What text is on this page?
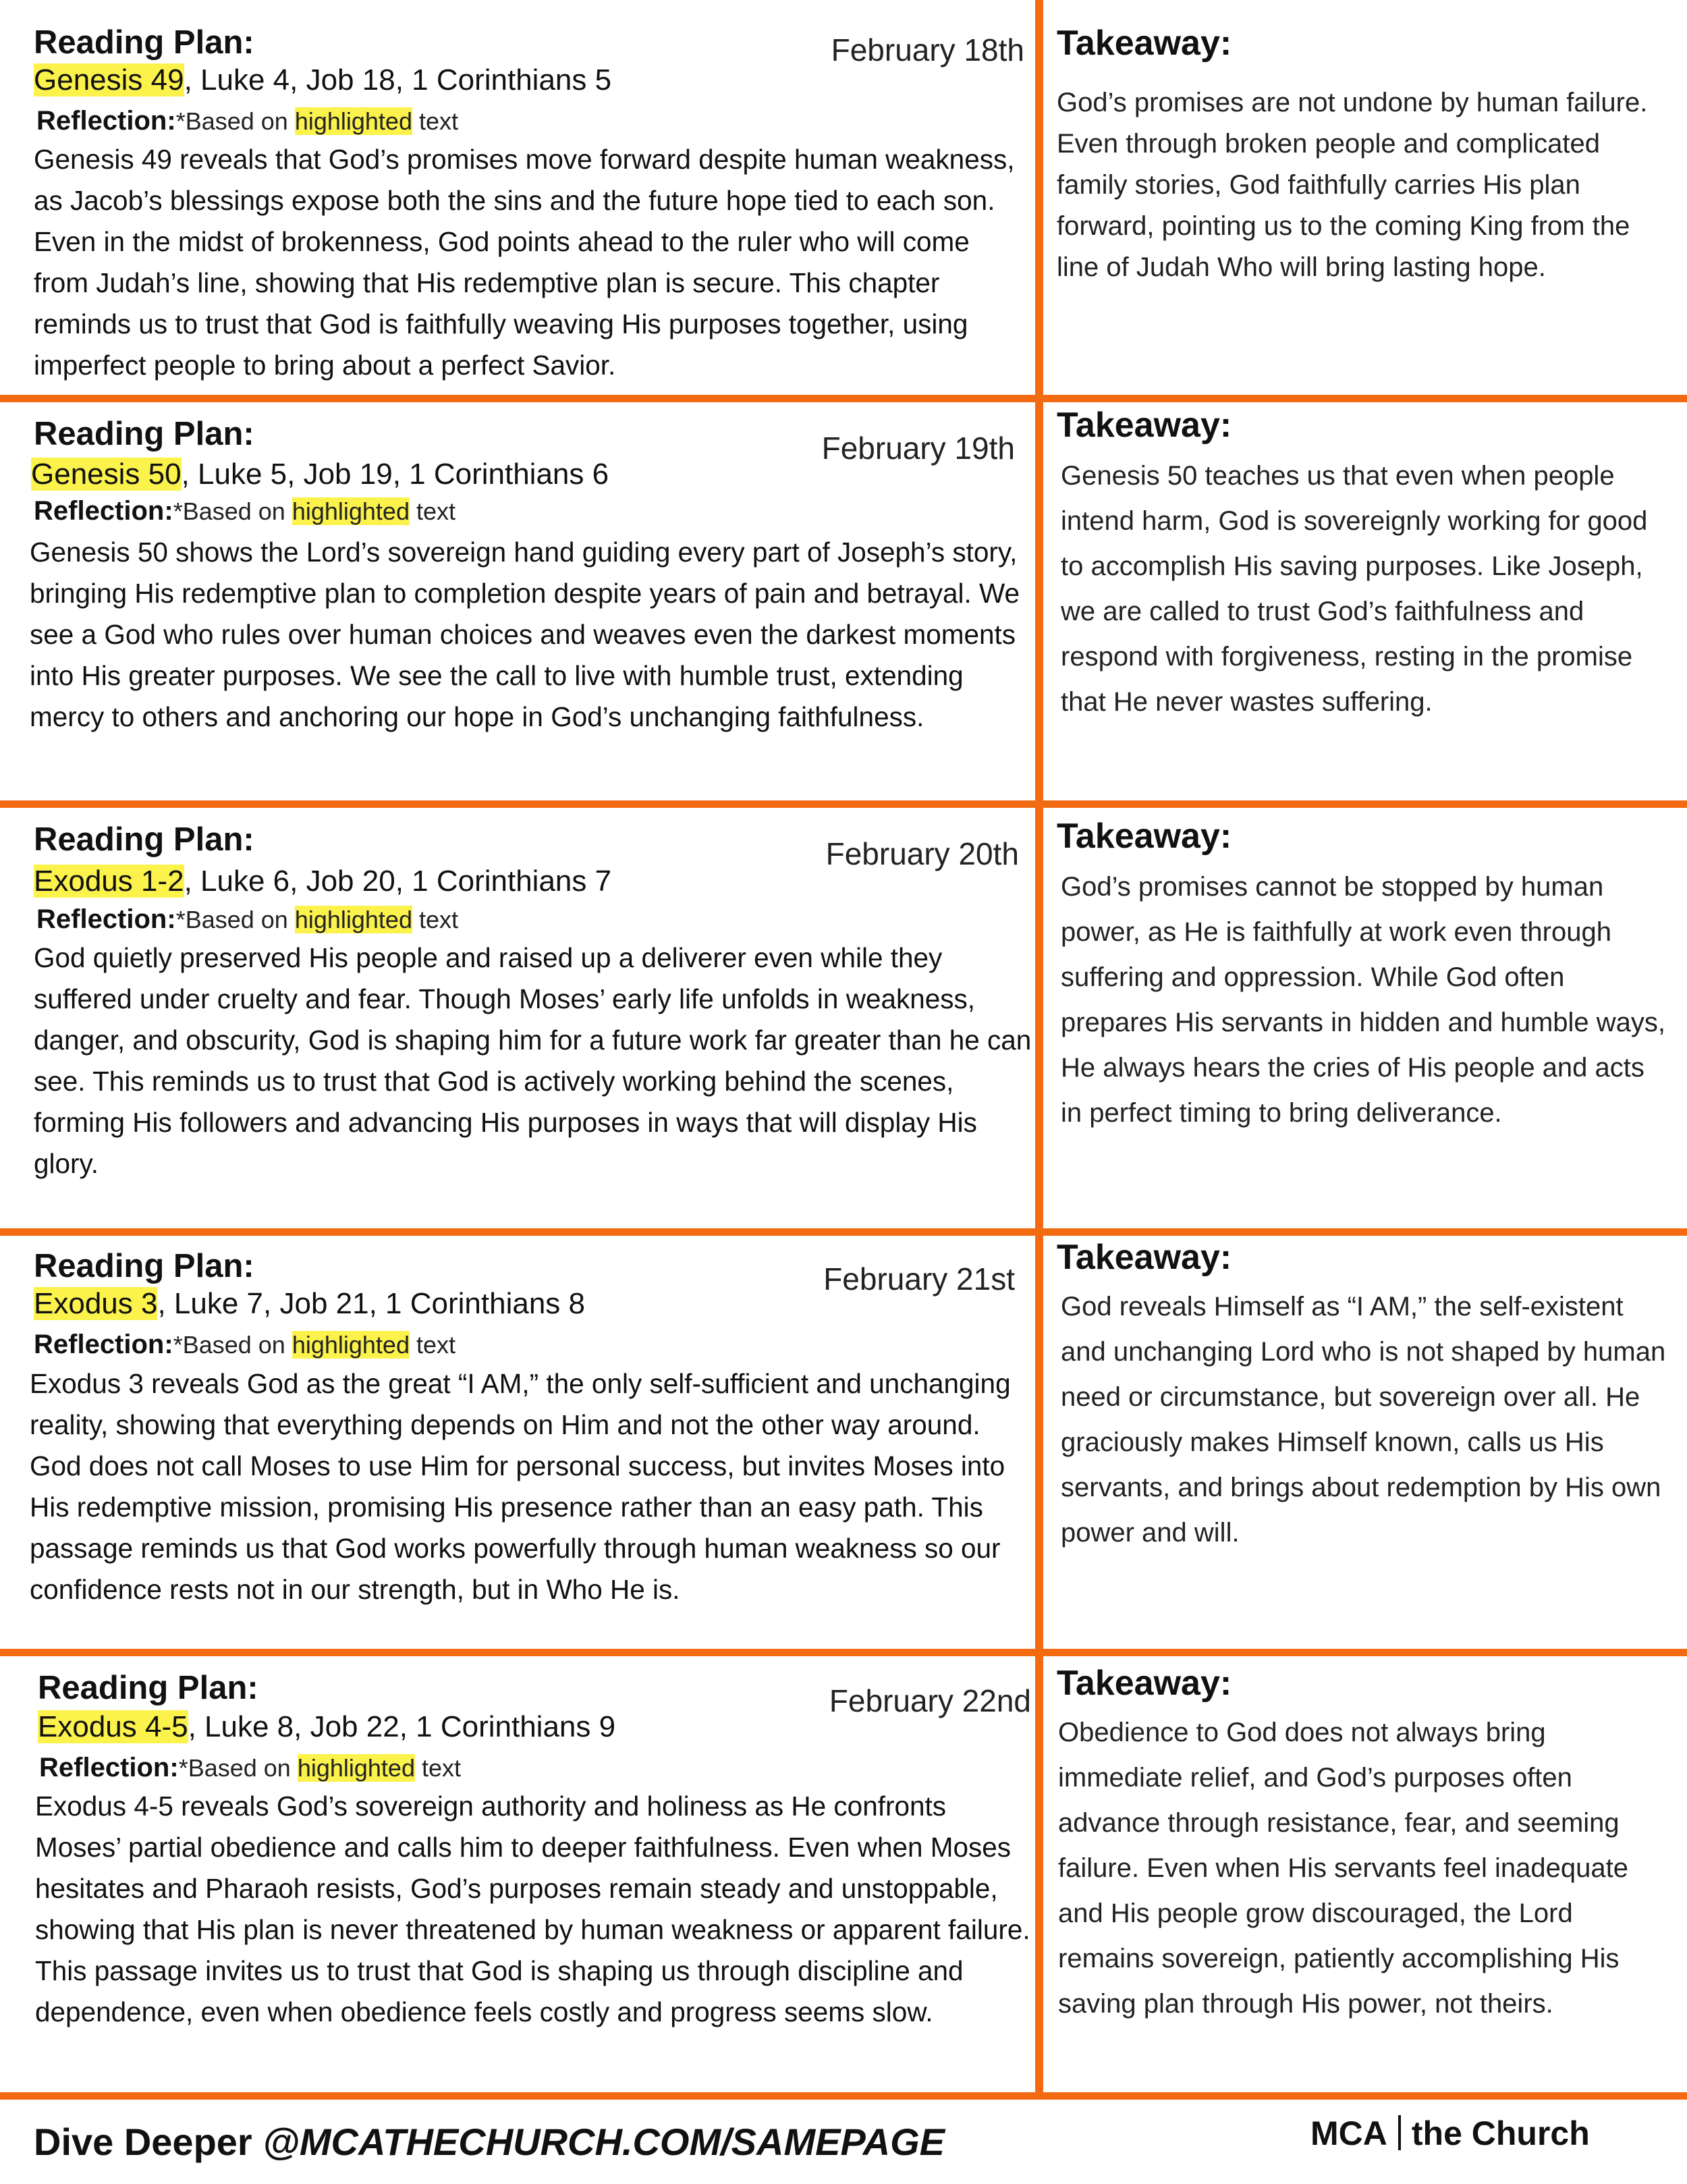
Reading Plan:	February 18th
Genesis 49, Luke 4, Job 18, 1 Corinthians 5
Reflection:*Based on highlighted text
Genesis 49 reveals that God’s promises move forward despite human weakness, as Jacob’s blessings expose both the sins and the future hope tied to each son. Even in the midst of brokenness, God points ahead to the ruler who will come from Judah’s line, showing that His redemptive plan is secure. This chapter reminds us to trust that God is faithfully weaving His purposes together, using imperfect people to bring about a perfect Savior.
Takeaway:
God’s promises are not undone by human failure. Even through broken people and complicated family stories, God faithfully carries His plan forward, pointing us to the coming King from the line of Judah Who will bring lasting hope.
Reading Plan:	February 19th
Genesis 50, Luke 5, Job 19, 1 Corinthians 6
Reflection:*Based on highlighted text
Genesis 50 shows the Lord’s sovereign hand guiding every part of Joseph’s story, bringing His redemptive plan to completion despite years of pain and betrayal. We see a God who rules over human choices and weaves even the darkest moments into His greater purposes. We see the call to live with humble trust, extending mercy to others and anchoring our hope in God’s unchanging faithfulness.
Takeaway:
Genesis 50 teaches us that even when people intend harm, God is sovereignly working for good to accomplish His saving purposes. Like Joseph, we are called to trust God’s faithfulness and respond with forgiveness, resting in the promise that He never wastes suffering.
Reading Plan:	February 20th
Exodus 1-2, Luke 6, Job 20, 1 Corinthians 7
Reflection:*Based on highlighted text
God quietly preserved His people and raised up a deliverer even while they suffered under cruelty and fear. Though Moses’ early life unfolds in weakness, danger, and obscurity, God is shaping him for a future work far greater than he can see. This reminds us to trust that God is actively working behind the scenes, forming His followers and advancing His purposes in ways that will display His glory.
Takeaway:
God’s promises cannot be stopped by human power, as He is faithfully at work even through suffering and oppression. While God often prepares His servants in hidden and humble ways, He always hears the cries of His people and acts in perfect timing to bring deliverance.
Reading Plan:	February 21st
Exodus 3, Luke 7, Job 21, 1 Corinthians 8
Reflection:*Based on highlighted text
Exodus 3 reveals God as the great “I AM,” the only self-sufficient and unchanging reality, showing that everything depends on Him and not the other way around. God does not call Moses to use Him for personal success, but invites Moses into His redemptive mission, promising His presence rather than an easy path. This passage reminds us that God works powerfully through human weakness so our confidence rests not in our strength, but in Who He is.
Takeaway:
God reveals Himself as “I AM,” the self-existent and unchanging Lord who is not shaped by human need or circumstance, but sovereign over all. He graciously makes Himself known, calls us His servants, and brings about redemption by His own power and will.
Reading Plan:	February 22nd
Exodus 4-5, Luke 8, Job 22, 1 Corinthians 9
Reflection:*Based on highlighted text
Exodus 4-5 reveals God’s sovereign authority and holiness as He confronts Moses’ partial obedience and calls him to deeper faithfulness. Even when Moses hesitates and Pharaoh resists, God’s purposes remain steady and unstoppable, showing that His plan is never threatened by human weakness or apparent failure. This passage invites us to trust that God is shaping us through discipline and dependence, even when obedience feels costly and progress seems slow.
Takeaway:
Obedience to God does not always bring immediate relief, and God’s purposes often advance through resistance, fear, and seeming failure. Even when His servants feel inadequate and His people grow discouraged, the Lord remains sovereign, patiently accomplishing His saving plan through His power, not theirs.
Dive Deeper @MCATHECHURCH.COM/SAMEPAGE	MCA the Church
